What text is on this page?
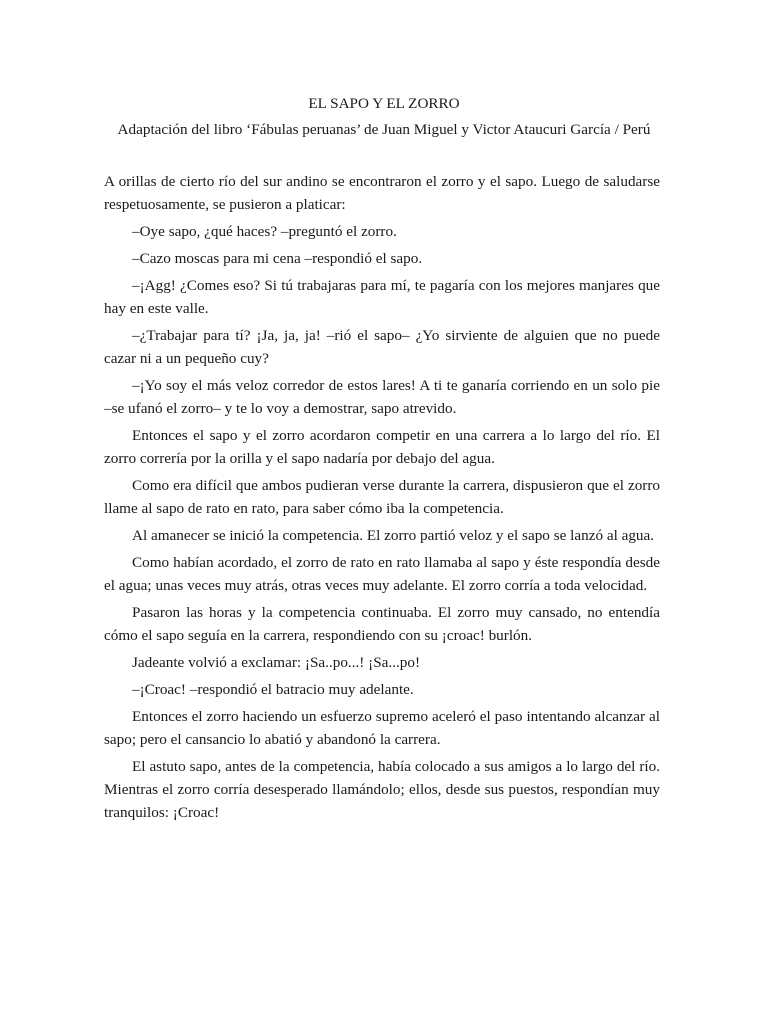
EL SAPO Y EL ZORRO
Adaptación del libro ‘Fábulas peruanas’ de Juan Miguel y Victor Ataucuri García / Perú

A orillas de cierto río del sur andino se encontraron el zorro y el sapo. Luego de saludarse respetuosamente, se pusieron a platicar:

–Oye sapo, ¿qué haces? –preguntó el zorro.

–Cazo moscas para mi cena –respondió el sapo.

–¡Agg! ¿Comes eso? Si tú trabajaras para mí, te pagaría con los mejores manjares que hay en este valle.

–¿Trabajar para tí? ¡Ja, ja, ja! –rió el sapo– ¿Yo sirviente de alguien que no puede cazar ni a un pequeño cuy?

–¡Yo soy el más veloz corredor de estos lares! A ti te ganaría corriendo en un solo pie –se ufanó el zorro– y te lo voy a demostrar, sapo atrevido.

Entonces el sapo y el zorro acordaron competir en una carrera a lo largo del río. El zorro correría por la orilla y el sapo nadaría por debajo del agua.

Como era difícil que ambos pudieran verse durante la carrera, dispusieron que el zorro llame al sapo de rato en rato, para saber cómo iba la competencia.

Al amanecer se inició la competencia. El zorro partió veloz y el sapo se lanzó al agua.

Como habían acordado, el zorro de rato en rato llamaba al sapo y éste respondía desde el agua; unas veces muy atrás, otras veces muy adelante. El zorro corría a toda velocidad.

Pasaron las horas y la competencia continuaba. El zorro muy cansado, no entendía cómo el sapo seguía en la carrera, respondiendo con su ¡croac! burlón.

Jadeante volvió a exclamar: ¡Sa..po...! ¡Sa...po!

–¡Croac! –respondió el batracio muy adelante.

Entonces el zorro haciendo un esfuerzo supremo aceleró el paso intentando alcanzar al sapo; pero el cansancio lo abatió y abandonó la carrera.

El astuto sapo, antes de la competencia, había colocado a sus amigos a lo largo del río. Mientras el zorro corría desesperado llamándolo; ellos, desde sus puestos, respondían muy tranquilos: ¡Croac!
